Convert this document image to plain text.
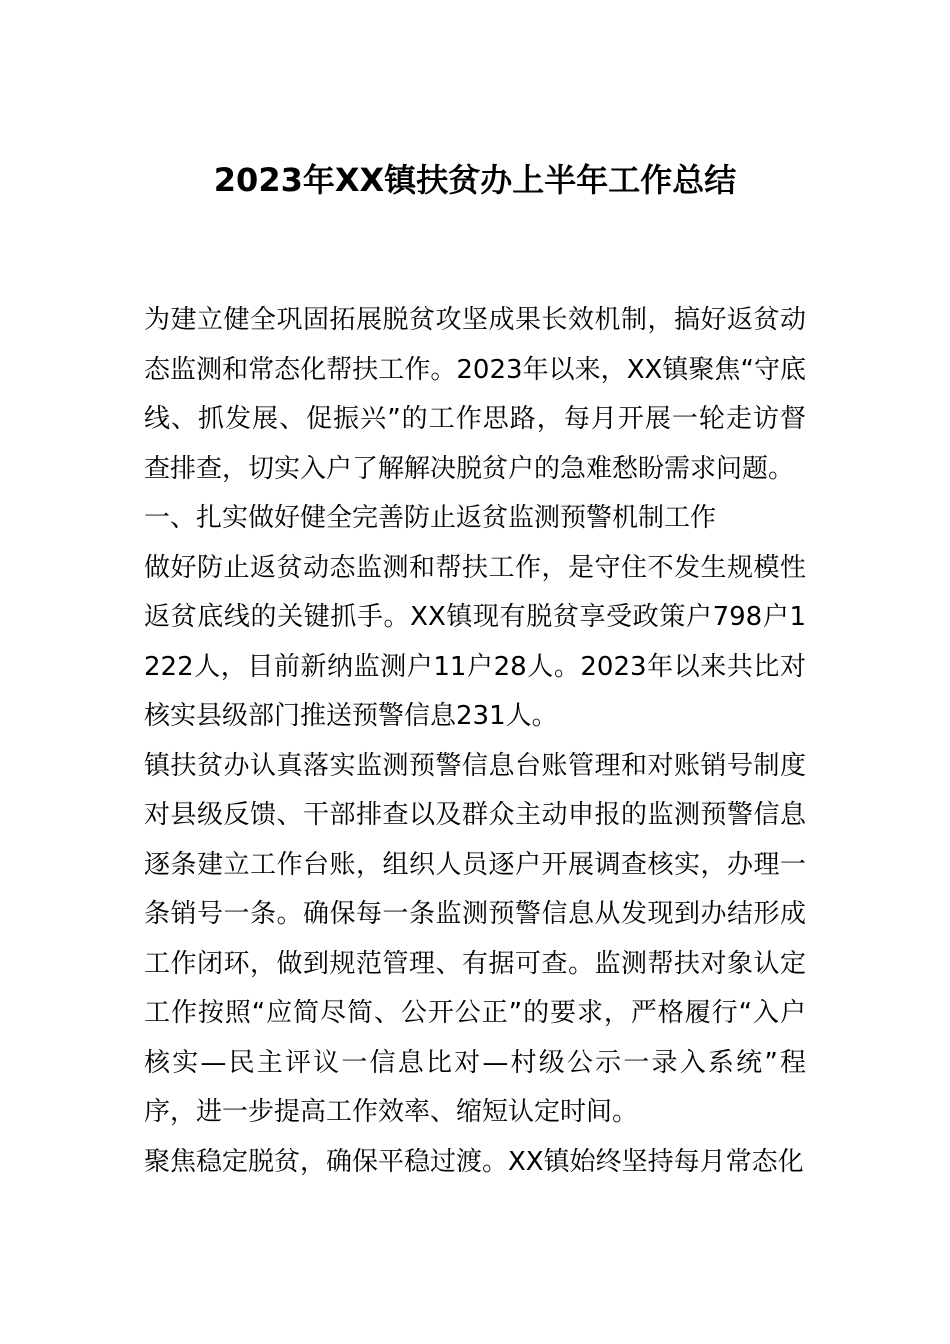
2023年XX镇扶贫办上半年工作总结

为建立健全巩固拓展脱贫攻坚成果长效机制，搞好返贫动态监测和常态化帮扶工作。2023年以来，XX镇聚焦“守底线、抓发展、促振兴”的工作思路，每月开展一轮走访督查排查，切实入户了解解决脱贫户的急难愁盼需求问题。

一、扎实做好健全完善防止返贫监测预警机制工作

做好防止返贫动态监测和帮扶工作，是守住不发生规模性返贫底线的关键抓手。XX镇现有脱贫享受政策户798户1222人，目前新纳监测户11户28人。2023年以来共比对核实县级部门推送预警信息231人。

镇扶贫办认真落实监测预警信息台账管理和对账销号制度对县级反馈、干部排查以及群众主动申报的监测预警信息逐条建立工作台账，组织人员逐户开展调查核实，办理一条销号一条。确保每一条监测预警信息从发现到办结形成工作闭环，做到规范管理、有据可查。监测帮扶对象认定工作按照“应简尽简、公开公正”的要求，严格履行“入户核实—民主评议一信息比对—村级公示一录入系统”程序，进一步提高工作效率、缩短认定时间。

聚焦稳定脱贫，确保平稳过渡。XX镇始终坚持每月常态化
